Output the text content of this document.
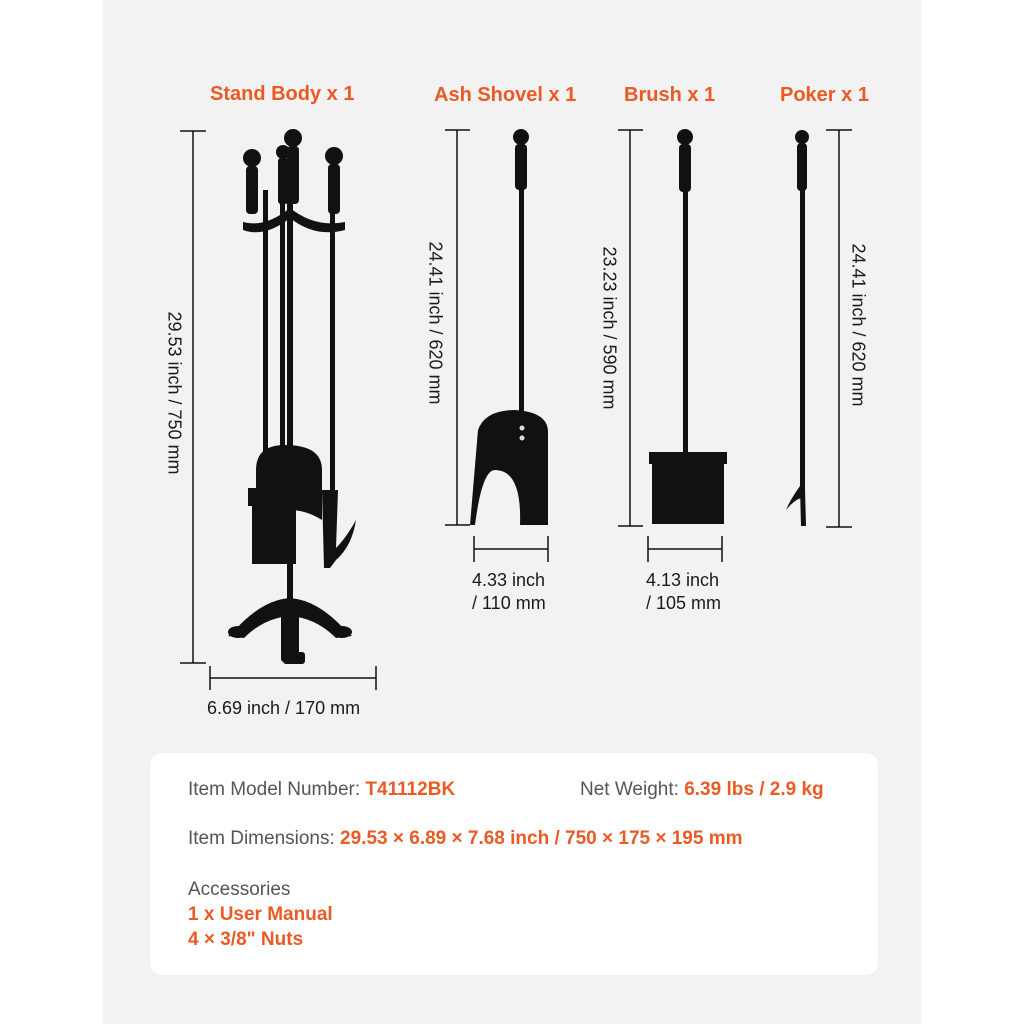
Stand Body x 1	Ash Shovel x 1 Brush x 1	Poker x 1
29.53 inch / 750 mm
6.69 inch / 170 mm
24.41 inch / 620 mm
4.33 inch
/ 110 mm
23.23 inch / 590 mm
4.13 inch
/ 105 mm
24.41 inch / 620 mm
Item Model Number: T41112BK	Net Weight: 6.39 lbs / 2.9 kg
Item Dimensions: 29.53 × 6.89 × 7.68 inch / 750 × 175 × 195 mm
Accessories
1 x User Manual
4 × 3/8" Nuts
